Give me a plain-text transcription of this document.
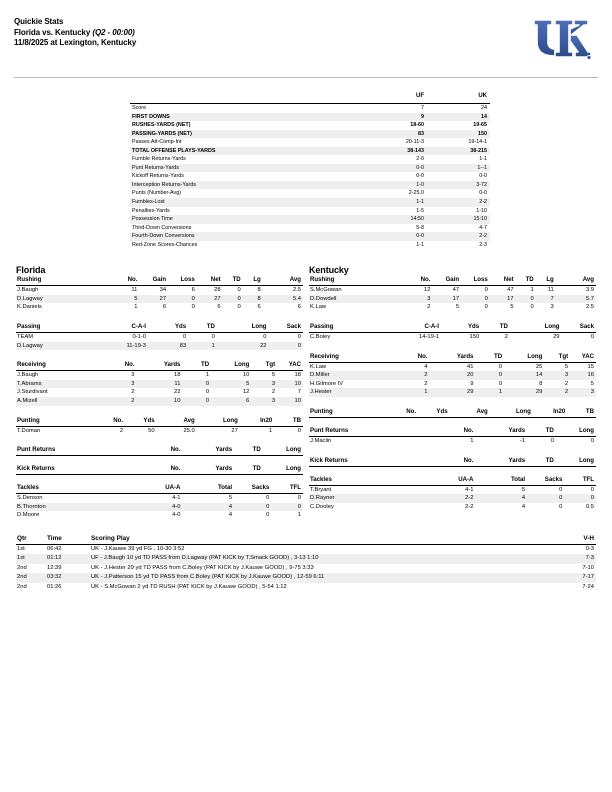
Quickie Stats
Florida vs. Kentucky (Q2 - 00:00)
11/8/2025 at Lexington, Kentucky
	UF	UK

Score	7	24
FIRST DOWNS	9	14
RUSHES-YARDS (NET)	18-60	19-65
PASSING-YARDS (NET)	83	150
Passes Att-Comp-Int	20-11-3	19-14-1
TOTAL OFFENSE PLAYS-YARDS	38-143	38-215
Fumble Returns-Yards	2-0	1-1
Punt Returns-Yards	0-0	1--1
Kickoff Returns-Yards	0-0	0-0
Interception Returns-Yards	1-0	3-72
Punts (Number-Avg)	2-25.0	0-0
Fumbles-Lost	1-1	2-2
Penalties-Yards	1-5	1-10
Possession Time	14:50	15:10
Third-Down Conversions	5-8	4-7
Fourth-Down Conversions	0-0	2-2
Red-Zone Scores-Chances	1-1	2-3
Florida
Rushing	No.	Gain	Loss	Net	TD	Lg	Avg
J.Baugh	11	34	6	28	0	8	2.5
D.Lagway	5	27	0	27	0	8	5.4
K.Daniels	1	6	0	6	0	6	6
Passing	C-A-I	Yds	TD	Long	Sack
TEAM	0-1-0	0	0	0	0
D.Lagway	11-19-3	83	1	22	0
Receiving	No.	Yards	TD	Long	Tgt	YAC
J.Baugh	3	18	1	10	5	18
T.Abrams	3	11	0	5	3	10
J.Sturdivant	2	22	0	12	2	7
A.Mizell	2	10	0	6	3	10
Punting	No.	Yds	Avg	Long	In20	TB
T.Doman	2	50	25.0	27	1	0
Punt Returns	No.	Yards	TD	Long
Kick Returns	No.	Yards	TD	Long
Tackles	UA-A	Total	Sacks	TFL
S.Denson	4-1	5	0	0
B.Thornton	4-0	4	0	0
D.Moore	4-0	4	0	1
Kentucky
Rushing	No.	Gain	Loss	Net	TD	Lg	Avg
S.McGowan	12	47	0	47	1	11	3.9
D.Dowdell	3	17	0	17	0	7	5.7
K.Law	2	5	0	5	0	3	2.5
Passing	C-A-I	Yds	TD	Long	Sack
C.Boley	14-19-1	150	2	29	0
Receiving	No.	Yards	TD	Long	Tgt	YAC
K.Law	4	41	0	25	5	15
D.Miller	2	20	0	14	3	16
H.Gilmore IV	2	9	0	8	2	5
J.Hester	1	29	1	29	2	3
Punting	No.	Yds	Avg	Long	In20	TB
Punt Returns	No.	Yards	TD	Long
J.Maclin	1	-1	0	0
Kick Returns	No.	Yards	TD	Long
Tackles	UA-A	Total	Sacks	TFL
T.Bryant	4-1	5	0	0
D.Rayner	2-2	4	0	0
C.Dooley	2-2	4	0	0.5
Qtr	Time	Scoring Play	V-H
1st	06:42	UK - J.Kauwe 39 yd FG , 10-30 3:52	0-3
1st	01:12	UF - J.Baugh 10 yd TD PASS from D.Lagway (PAT KICK by T.Smack GOOD) , 3-13 1:10	7-3
2nd	12:39	UK - J.Hester 29 yd TD PASS from C.Boley (PAT KICK by J.Kauwe GOOD) , 9-75 3:33	7-10
2nd	03:32	UK - J.Patterson 15 yd TD PASS from C.Boley (PAT KICK by J.Kauwe GOOD) , 12-59 6:11	7-17
2nd	01:26	UK - S.McGowan 2 yd TD RUSH (PAT KICK by J.Kauwe GOOD) , 5-54 1:12	7-24
